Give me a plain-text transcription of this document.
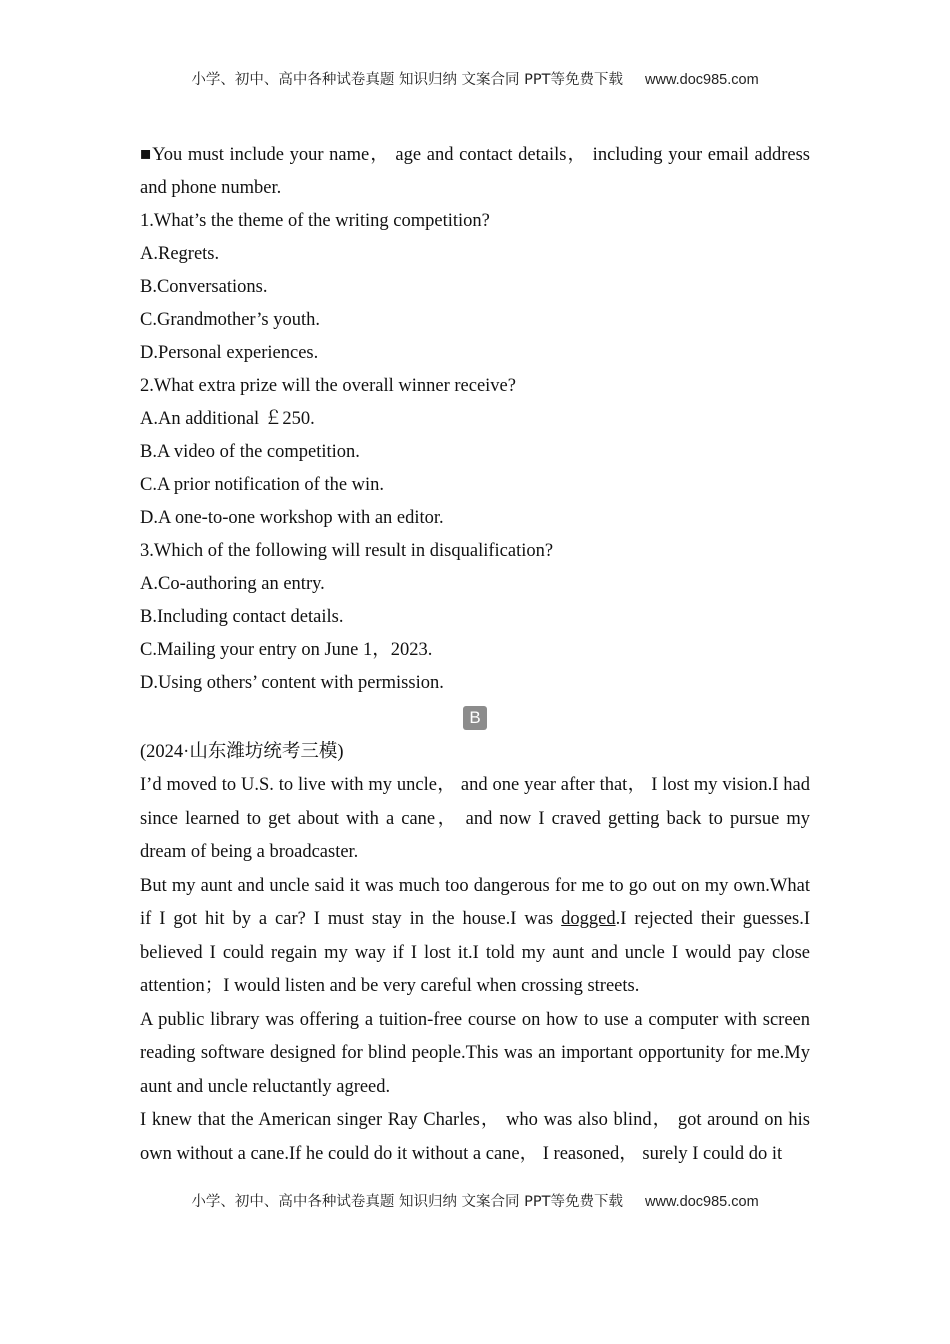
小学、初中、高中各种试卷真题 知识归纳 文案合同 PPT等免费下载 www.doc985.com

■You must include your name， age and contact details， including your email address and phone number.

1.What’s the theme of the writing competition?

A.Regrets.

B.Conversations.

C.Grandmother’s youth.

D.Personal experiences.

2.What extra prize will the overall winner receive?

A.An additional ￡250.

B.A video of the competition.

C.A prior notification of the win.

D.A one-to-one workshop with an editor.

3.Which of the following will result in disqualification?

A.Co-authoring an entry.

B.Including contact details.

C.Mailing your entry on June 1，2023.

D.Using others’ content with permission.

B

(2024·山东潍坊统考三模)

I’d moved to U.S. to live with my uncle， and one year after that， I lost my vision.I had since learned to get about with a cane， and now I craved getting back to pursue my dream of being a broadcaster.

But my aunt and uncle said it was much too dangerous for me to go out on my own.What if I got hit by a car? I must stay in the house.I was dogged.I rejected their guesses.I believed I could regain my way if I lost it.I told my aunt and uncle I would pay close attention；I would listen and be very careful when crossing streets.

A public library was offering a tuition-free course on how to use a computer with screen reading software designed for blind people.This was an important opportunity for me.My aunt and uncle reluctantly agreed.

I knew that the American singer Ray Charles， who was also blind， got around on his own without a cane.If he could do it without a cane， I reasoned， surely I could do it

小学、初中、高中各种试卷真题 知识归纳 文案合同 PPT等免费下载 www.doc985.com
